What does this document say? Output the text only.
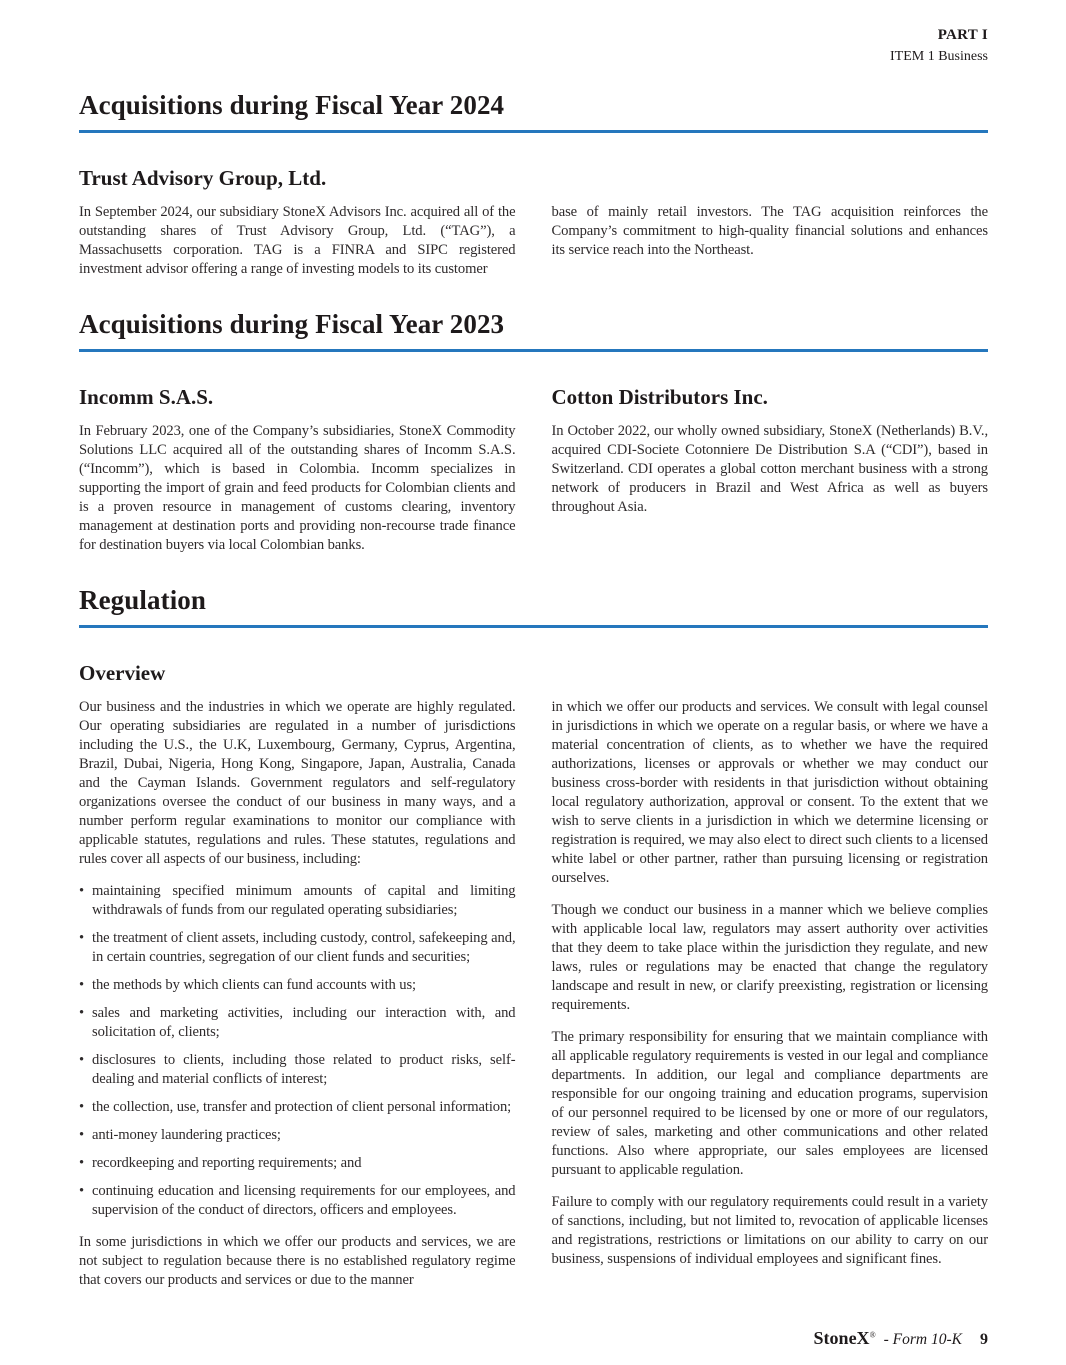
PART I
ITEM 1 Business
Acquisitions during Fiscal Year 2024
Trust Advisory Group, Ltd.

In September 2024, our subsidiary StoneX Advisors Inc. acquired all of the outstanding shares of Trust Advisory Group, Ltd. (“TAG”), a Massachusetts corporation. TAG is a FINRA and SIPC registered investment advisor offering a range of investing models to its customer

base of mainly retail investors. The TAG acquisition reinforces the Company’s commitment to high-quality financial solutions and enhances its service reach into the Northeast.

Acquisitions during Fiscal Year 2023
Incomm S.A.S.

In February 2023, one of the Company’s subsidiaries, StoneX Commodity Solutions LLC acquired all of the outstanding shares of Incomm S.A.S. (“Incomm”), which is based in Colombia. Incomm specializes in supporting the import of grain and feed products for Colombian clients and is a proven resource in management of customs clearing, inventory management at destination ports and providing non-recourse trade finance for destination buyers via local Colombian banks.

Cotton Distributors Inc.

In October 2022, our wholly owned subsidiary, StoneX (Netherlands) B.V., acquired CDI-Societe Cotonniere De Distribution S.A (“CDI”), based in Switzerland. CDI operates a global cotton merchant business with a strong network of producers in Brazil and West Africa as well as buyers throughout Asia.

Regulation
Overview

Our business and the industries in which we operate are highly regulated. Our operating subsidiaries are regulated in a number of jurisdictions including the U.S., the U.K, Luxembourg, Germany, Cyprus, Argentina, Brazil, Dubai, Nigeria, Hong Kong, Singapore, Japan, Australia, Canada and the Cayman Islands. Government regulators and self-regulatory organizations oversee the conduct of our business in many ways, and a number perform regular examinations to monitor our compliance with applicable statutes, regulations and rules. These statutes, regulations and rules cover all aspects of our business, including:

• maintaining specified minimum amounts of capital and limiting withdrawals of funds from our regulated operating subsidiaries;
• the treatment of client assets, including custody, control, safekeeping and, in certain countries, segregation of our client funds and securities;
• the methods by which clients can fund accounts with us;
• sales and marketing activities, including our interaction with, and solicitation of, clients;
• disclosures to clients, including those related to product risks, self-dealing and material conflicts of interest;
• the collection, use, transfer and protection of client personal information;
• anti-money laundering practices;
• recordkeeping and reporting requirements; and
• continuing education and licensing requirements for our employees, and supervision of the conduct of directors, officers and employees.

In some jurisdictions in which we offer our products and services, we are not subject to regulation because there is no established regulatory regime that covers our products and services or due to the manner

in which we offer our products and services. We consult with legal counsel in jurisdictions in which we operate on a regular basis, or where we have a material concentration of clients, as to whether we have the required authorizations, licenses or approvals or whether we may conduct our business cross-border with residents in that jurisdiction without obtaining local regulatory authorization, approval or consent. To the extent that we wish to serve clients in a jurisdiction in which we determine licensing or registration is required, we may also elect to direct such clients to a licensed white label or other partner, rather than pursuing licensing or registration ourselves.

Though we conduct our business in a manner which we believe complies with applicable local law, regulators may assert authority over activities that they deem to take place within the jurisdiction they regulate, and new laws, rules or regulations may be enacted that change the regulatory landscape and result in new, or clarify preexisting, registration or licensing requirements.

The primary responsibility for ensuring that we maintain compliance with all applicable regulatory requirements is vested in our legal and compliance departments. In addition, our legal and compliance departments are responsible for our ongoing training and education programs, supervision of our personnel required to be licensed by one or more of our regulators, review of sales, marketing and other communications and other related functions. Also where appropriate, our sales employees are licensed pursuant to applicable regulation.

Failure to comply with our regulatory requirements could result in a variety of sanctions, including, but not limited to, revocation of applicable licenses and registrations, restrictions or limitations on our ability to carry on our business, suspensions of individual employees and significant fines.

StoneX® - Form 10-K 9
